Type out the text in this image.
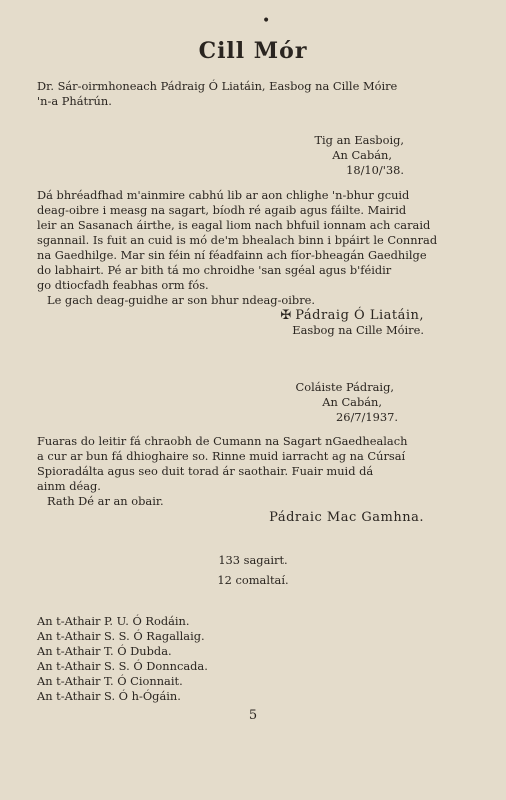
•
Cill Mór
Dr. Sár-oirmhoneach Pádraig Ó Liatáin, Easbog na Cille Móire
'n-a Phátrún.
Tig an Easboig,
An Cabán,
18/10/'38.
Dá bhréadfhad m'ainmire cabhú lib ar aon chlighe 'n-bhur gcuid
deag-oibre i measg na sagart, bíodh ré agaib agus fáilte. Mairid
leir an Sasanach áirthe, is eagal liom nach bhfuil ionnam ach caraid
sgannail. Is fuit an cuid is mó de'm bhealach binn i bpáirt le Connrad
na Gaedhilge. Mar sin féin ní féadfainn ach fíor-bheagán Gaedhilge
do labhairt. Pé ar bith tá mo chroidhe 'san sgéal agus b'féidir
go dtiocfadh feabhas orm fós.
Le gach deag-guidhe ar son bhur ndeag-oibre.
✠ Pádraig Ó Liatáin,
Easbog na Cille Móire.
Coláiste Pádraig,
An Cabán,
26/7/1937.
Fuaras do leitir fá chraobh de Cumann na Sagart nGaedhealach
a cur ar bun fá dhioghaire so. Rinne muid iarracht ag na Cúrsaí
Spioradálta agus seo duit torad ár saothair. Fuair muid dá
ainm déag.
Rath Dé ar an obair.
Pádraic Mac Gamhna.
133 sagairt.
12 comaltaí.
An t-Athair P. U. Ó Rodáin.
An t-Athair S. S. Ó Ragallaig.
An t-Athair T. Ó Dubda.
An t-Athair S. S. Ó Donncada.
An t-Athair T. Ó Cionnait.
An t-Athair S. Ó h-Ógáin.
5
